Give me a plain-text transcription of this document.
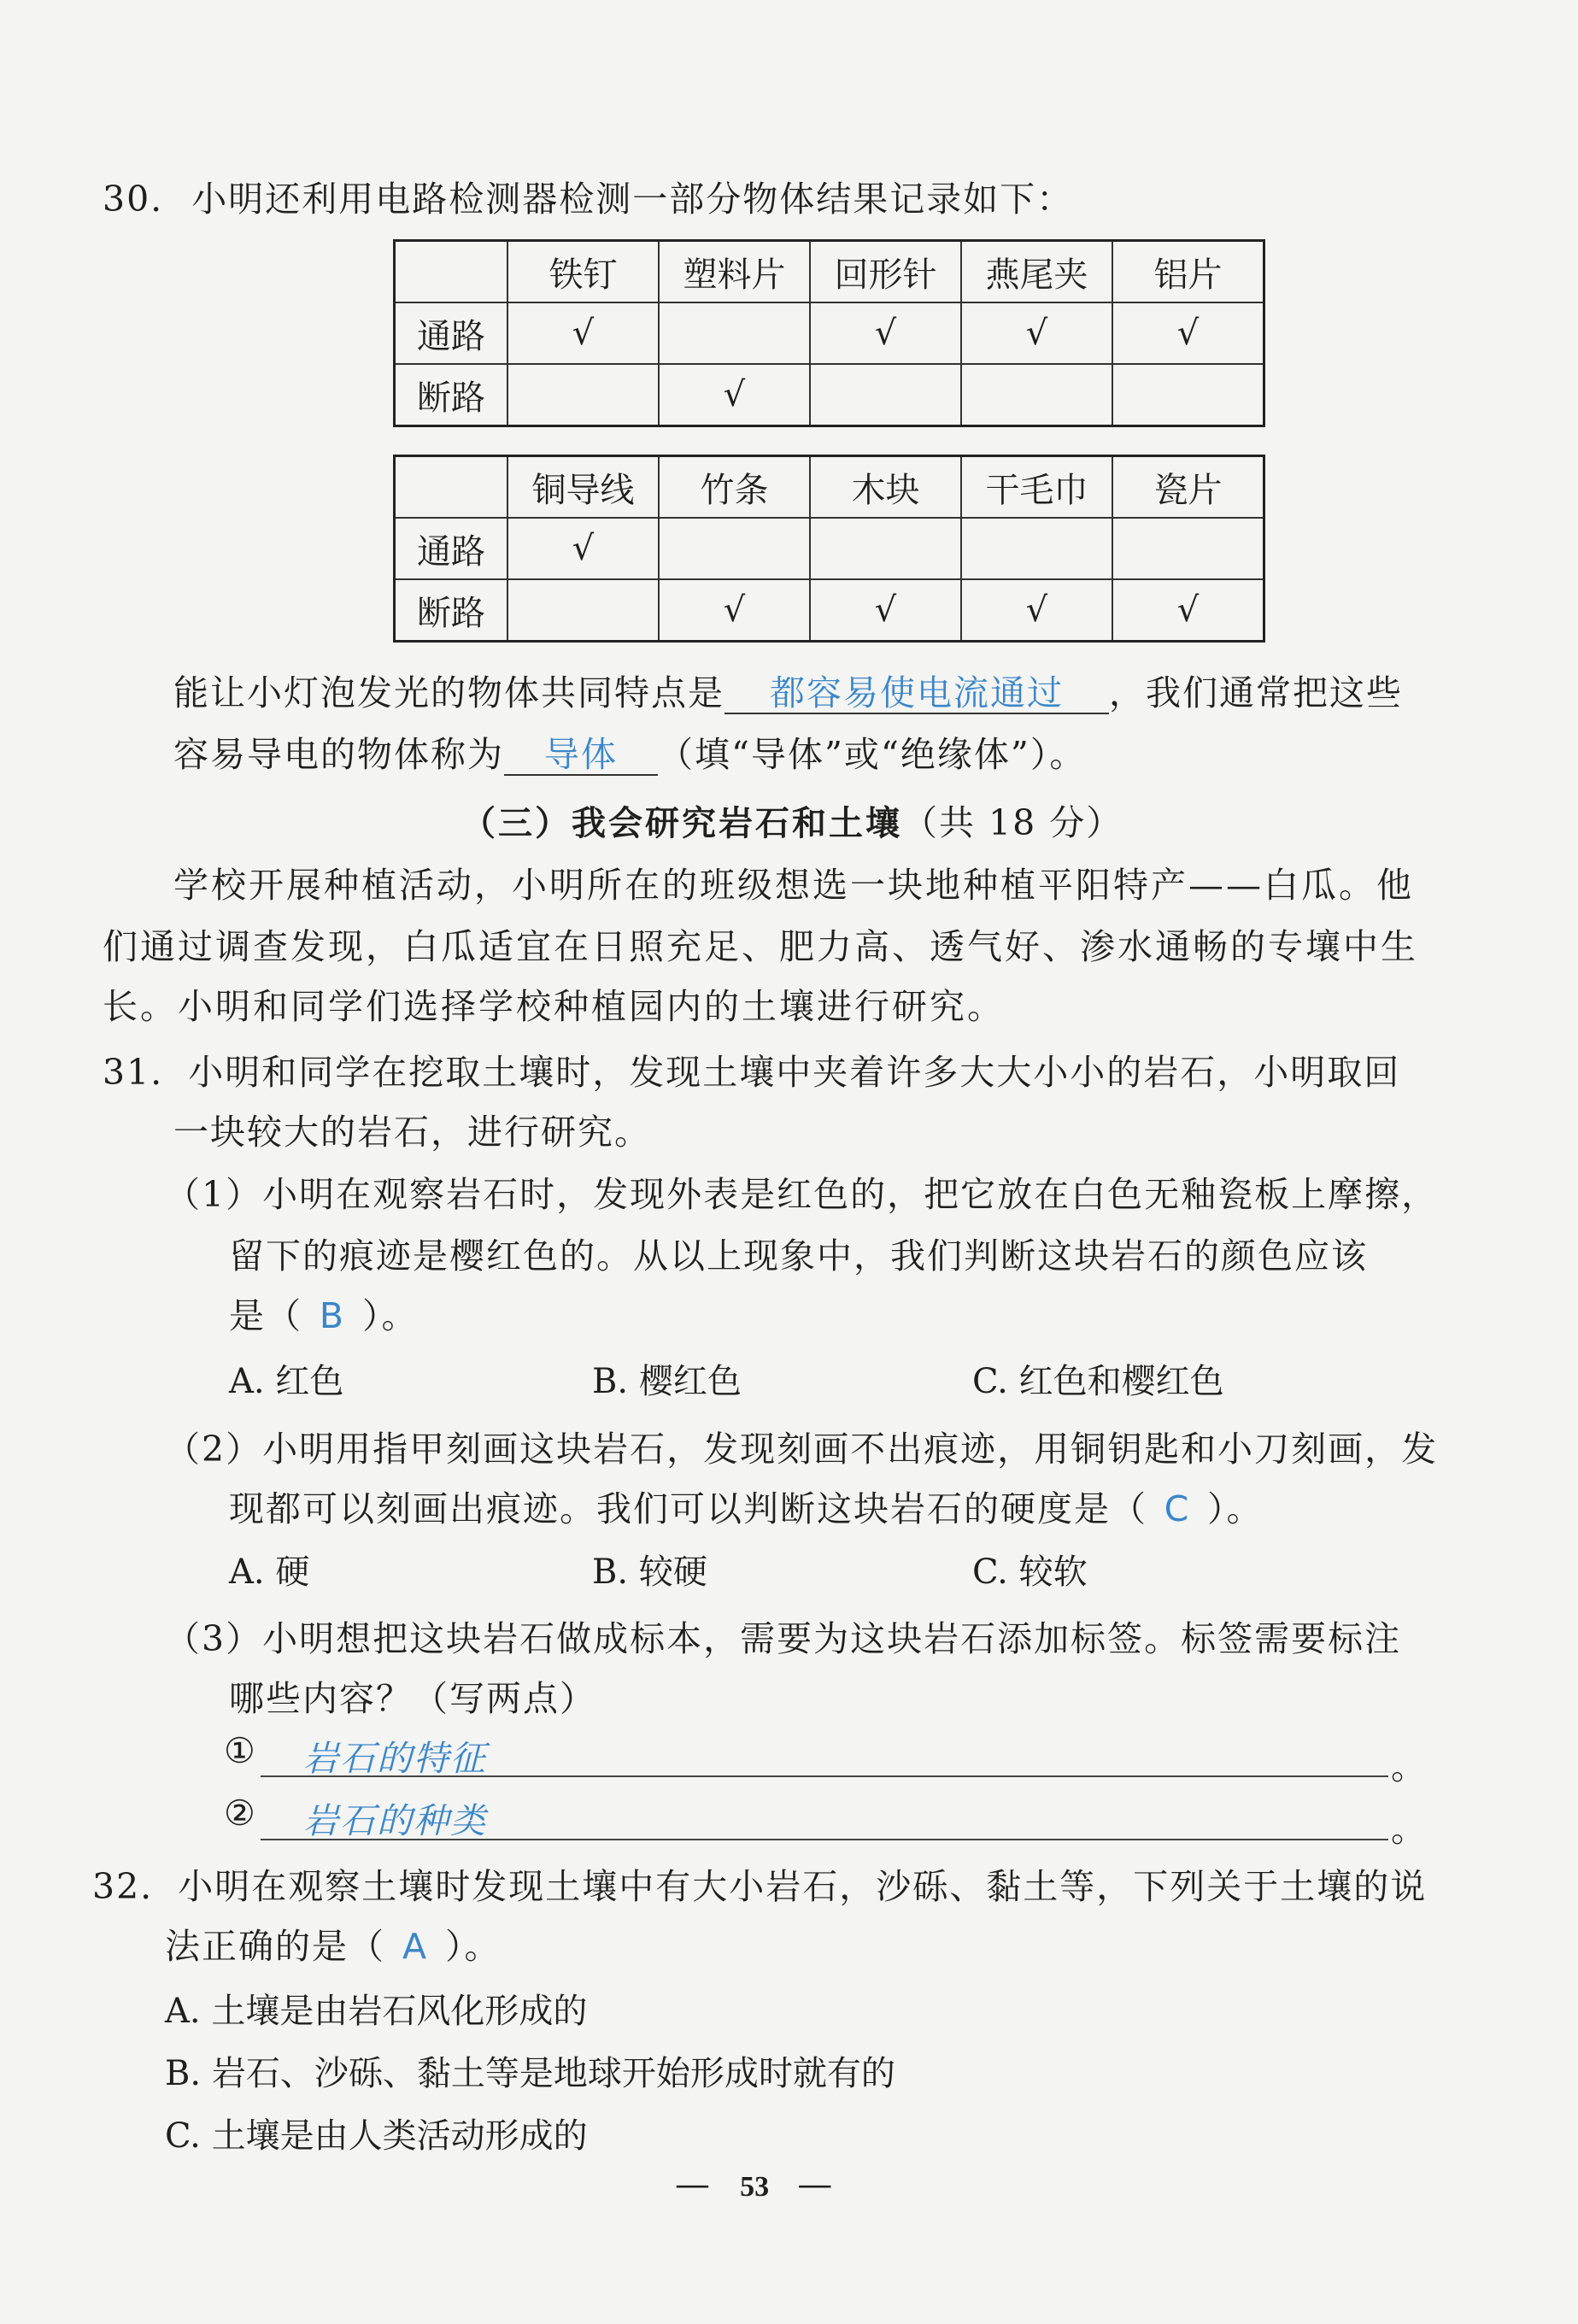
30. 小明还利用电路检测器检测一部分物体结果记录如下：
	铁钉	塑料片	回形针	燕尾夹	铝片
通路	√		√	√	√
断路		√			
	铜导线	竹条	木块	干毛巾	瓷片
通路	√				
断路		√	√	√	√
能让小灯泡发光的物体共同特点是 都容易使电流通过 ，我们通常把这些
容易导电的物体称为 导体 （填“导体”或“绝缘体”）。
（三）我会研究岩石和土壤（共 18 分）
学校开展种植活动，小明所在的班级想选一块地种植平阳特产——白瓜。他
们通过调查发现，白瓜适宜在日照充足、肥力高、透气好、渗水通畅的专壤中生
长。小明和同学们选择学校种植园内的土壤进行研究。
31. 小明和同学在挖取土壤时，发现土壤中夹着许多大大小小的岩石，小明取回
一块较大的岩石，进行研究。
（1）小明在观察岩石时，发现外表是红色的，把它放在白色无釉瓷板上摩擦，
留下的痕迹是樱红色的。从以上现象中，我们判断这块岩石的颜色应该
是（ B ）。
A. 红色	B. 樱红色	C. 红色和樱红色
（2）小明用指甲刻画这块岩石，发现刻画不出痕迹，用铜钥匙和小刀刻画，发
现都可以刻画出痕迹。我们可以判断这块岩石的硬度是（ C ）。
A. 硬	B. 较硬	C. 较软
（3）小明想把这块岩石做成标本，需要为这块岩石添加标签。标签需要标注
哪些内容？（写两点）
① 岩石的特征	。
② 岩石的种类	。
32. 小明在观察土壤时发现土壤中有大小岩石，沙砾、黏土等，下列关于土壤的说
法正确的是（ A ）。
A. 土壤是由岩石风化形成的
B. 岩石、沙砾、黏土等是地球开始形成时就有的
C. 土壤是由人类活动形成的
— 53 —
